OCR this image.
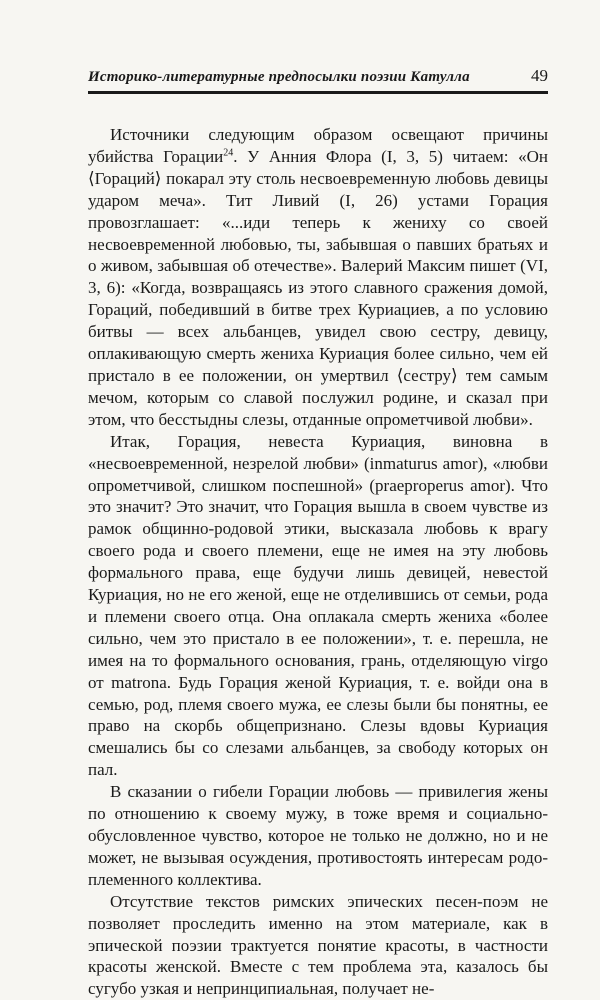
Историко-литературные предпосылки поэзии Катулла	49

Источники следующим образом освещают причины убийства Горации$^{24}$. У Анния Флора (I, 3, 5) читаем: «Он ⟨Гораций⟩ покарал эту столь несвоевременную любовь девицы ударом меча». Тит Ливий (I, 26) устами Горация провозглашает: «...иди теперь к жениху со своей несвоевременной любовью, ты, забывшая о павших братьях и о живом, забывшая об отечестве». Валерий Максим пишет (VI, 3, 6): «Когда, возвращаясь из этого славного сражения домой, Гораций, победивший в битве трех Куриациев, а по условию битвы — всех альбанцев, увидел свою сестру, девицу, оплакивающую смерть жениха Куриация более сильно, чем ей пристало в ее положении, он умертвил ⟨сестру⟩ тем самым мечом, которым со славой послужил родине, и сказал при этом, что бесстыдны слезы, отданные опрометчивой любви».

Итак, Горация, невеста Куриация, виновна в «несвоевременной, незрелой любви» (inmaturus amor), «любви опрометчивой, слишком поспешной» (praeproperus amor). Что это значит? Это значит, что Горация вышла в своем чувстве из рамок общинно-родовой этики, высказала любовь к врагу своего рода и своего племени, еще не имея на эту любовь формального права, еще будучи лишь девицей, невестой Куриация, но не его женой, еще не отделившись от семьи, рода и племени своего отца. Она оплакала смерть жениха «более сильно, чем это пристало в ее положении», т. е. перешла, не имея на то формального основания, грань, отделяющую virgo от matrona. Будь Горация женой Куриация, т. е. войди она в семью, род, племя своего мужа, ее слезы были бы понятны, ее право на скорбь общепризнано. Слезы вдовы Куриация смешались бы со слезами альбанцев, за свободу которых он пал.

В сказании о гибели Горации любовь — привилегия жены по отношению к своему мужу, в тоже время и социально-обусловленное чувство, которое не только не должно, но и не может, не вызывая осуждения, противостоять интересам родо-племенного коллектива.

Отсутствие текстов римских эпических песен-поэм не позволяет проследить именно на этом материале, как в эпической поэзии трактуется понятие красоты, в частности красоты женской. Вместе с тем проблема эта, казалось бы сугубо узкая и непринципиальная, получает не-
